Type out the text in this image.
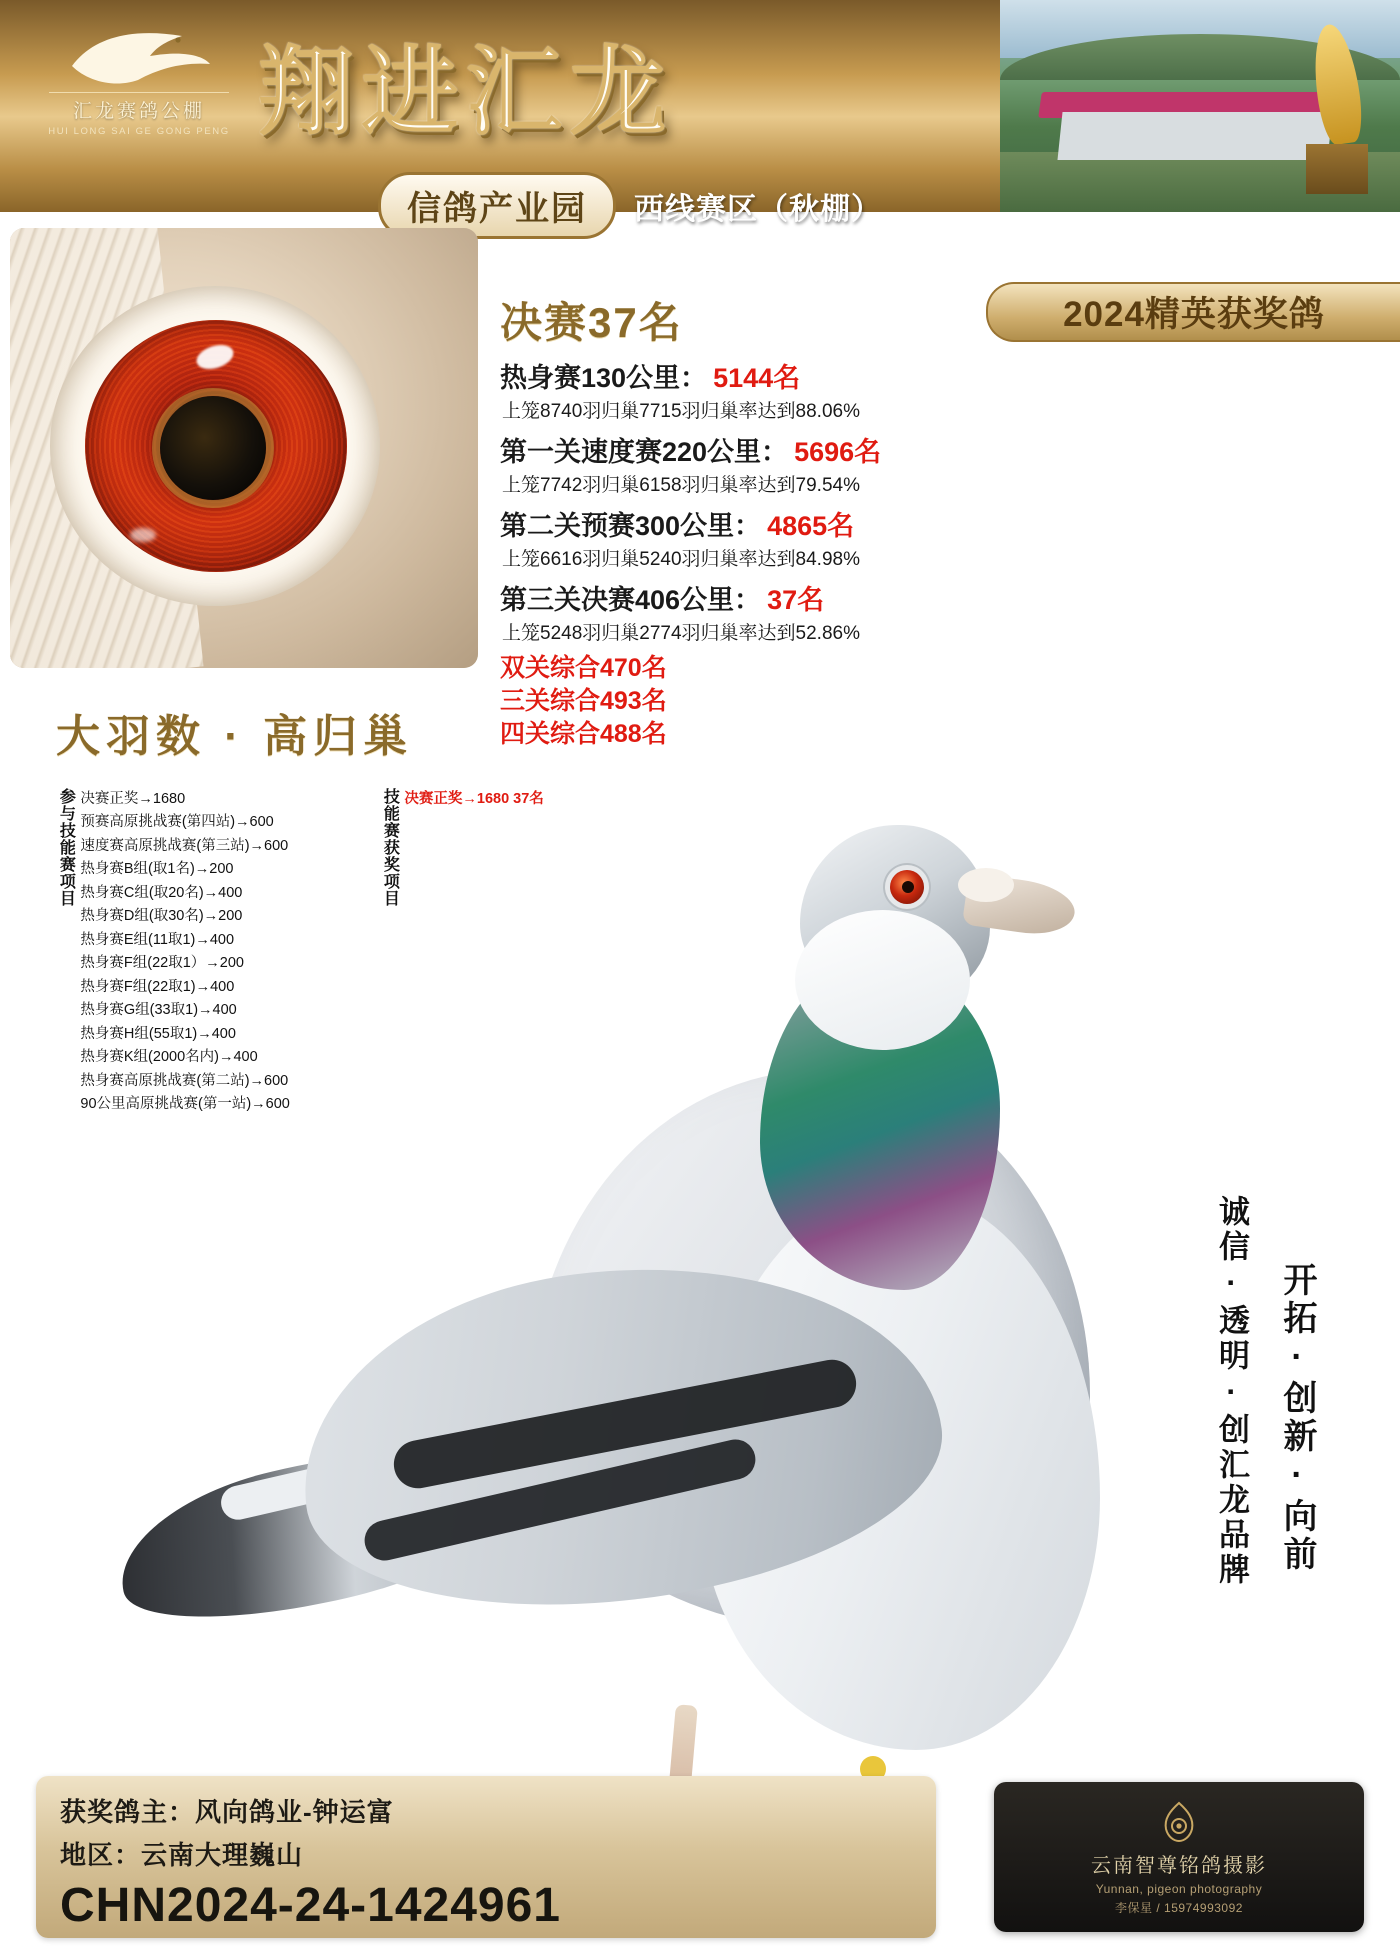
汇龙赛鸽公棚
HUI LONG SAI GE GONG PENG 翔进汇龙
信鸽产业园	西线赛区（秋棚）
2024精英获奖鸽
决赛37名
热身赛130公里： 5144名
上笼8740羽归巢7715羽归巢率达到88.06%
第一关速度赛220公里： 5696名
上笼7742羽归巢6158羽归巢率达到79.54%
第二关预赛300公里： 4865名
上笼6616羽归巢5240羽归巢率达到84.98%
第三关决赛406公里： 37名
上笼5248羽归巢2774羽归巢率达到52.86%
双关综合470名
三关综合493名
四关综合488名
大羽数 · 高归巢
参与技能赛项目 决赛正奖→1680
预赛高原挑战赛(第四站)→600
速度赛高原挑战赛(第三站)→600
热身赛B组(取1名)→200
热身赛C组(取20名)→400
热身赛D组(取30名)→200
热身赛E组(11取1)→400
热身赛F组(22取1）→200
热身赛F组(22取1)→400
热身赛G组(33取1)→400
热身赛H组(55取1)→400
热身赛K组(2000名内)→400
热身赛高原挑战赛(第二站)→600
90公里高原挑战赛(第一站)→600
技能赛获奖项目 决赛正奖→1680 37名
诚信·透明·创汇龙品牌 开拓·创新·向前
获奖鸽主：风向鸽业-钟运富
地区：云南大理巍山
CHN2024-24-1424961
云南智尊铭鸽摄影
Yunnan, pigeon photography
李保星 / 15974993092
